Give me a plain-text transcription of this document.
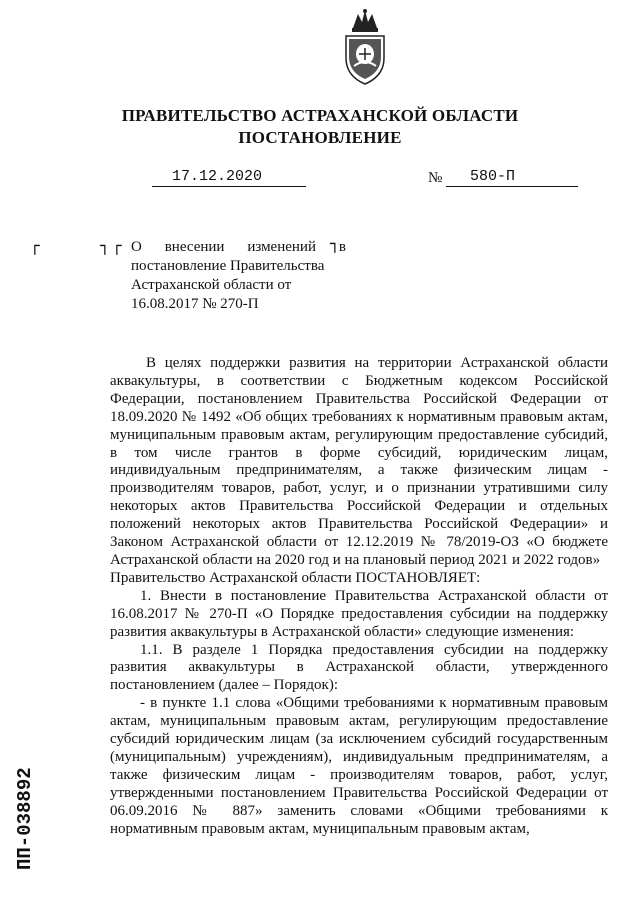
ПРАВИТЕЛЬСТВО АСТРАХАНСКОЙ ОБЛАСТИ
ПОСТАНОВЛЕНИЕ
17.12.2020	№ 580-П
┌	┐ ┌	┐
О внесении изменений в
постановление Правительства
Астраханской области от
16.08.2017 № 270-П

В целях поддержки развития на территории Астраханской области аквакультуры, в соответствии с Бюджетным кодексом Российской Федерации, постановлением Правительства Российской Федерации от 18.09.2020 № 1492 «Об общих требованиях к нормативным правовым актам, муниципальным правовым актам, регулирующим предоставление субсидий, в том числе грантов в форме субсидий, юридическим лицам, индивидуальным предпринимателям, а также физическим лицам - производителям товаров, работ, услуг, и о признании утратившими силу некоторых актов Правительства Российской Федерации и отдельных положений некоторых актов Правительства Российской Федерации» и Законом Астраханской области от 12.12.2019 № 78/2019-ОЗ «О бюджете Астраханской области на 2020 год и на плановый период 2021 и 2022 годов»

Правительство Астраханской области ПОСТАНОВЛЯЕТ:

1. Внести в постановление Правительства Астраханской области от 16.08.2017 № 270-П «О Порядке предоставления субсидии на поддержку развития аквакультуры в Астраханской области» следующие изменения:

1.1. В разделе 1 Порядка предоставления субсидии на поддержку развития аквакультуры в Астраханской области, утвержденного постановлением (далее – Порядок):

- в пункте 1.1 слова «Общими требованиями к нормативным правовым актам, муниципальным правовым актам, регулирующим предоставление субсидий юридическим лицам (за исключением субсидий государственным (муниципальным) учреждениям), индивидуальным предпринимателям, а также физическим лицам - производителям товаров, работ, услуг, утвержденными постановлением Правительства Российской Федерации от 06.09.2016 № 887» заменить словами «Общими требованиями к нормативным правовым актам, муниципальным правовым актам,

ПП-038892
